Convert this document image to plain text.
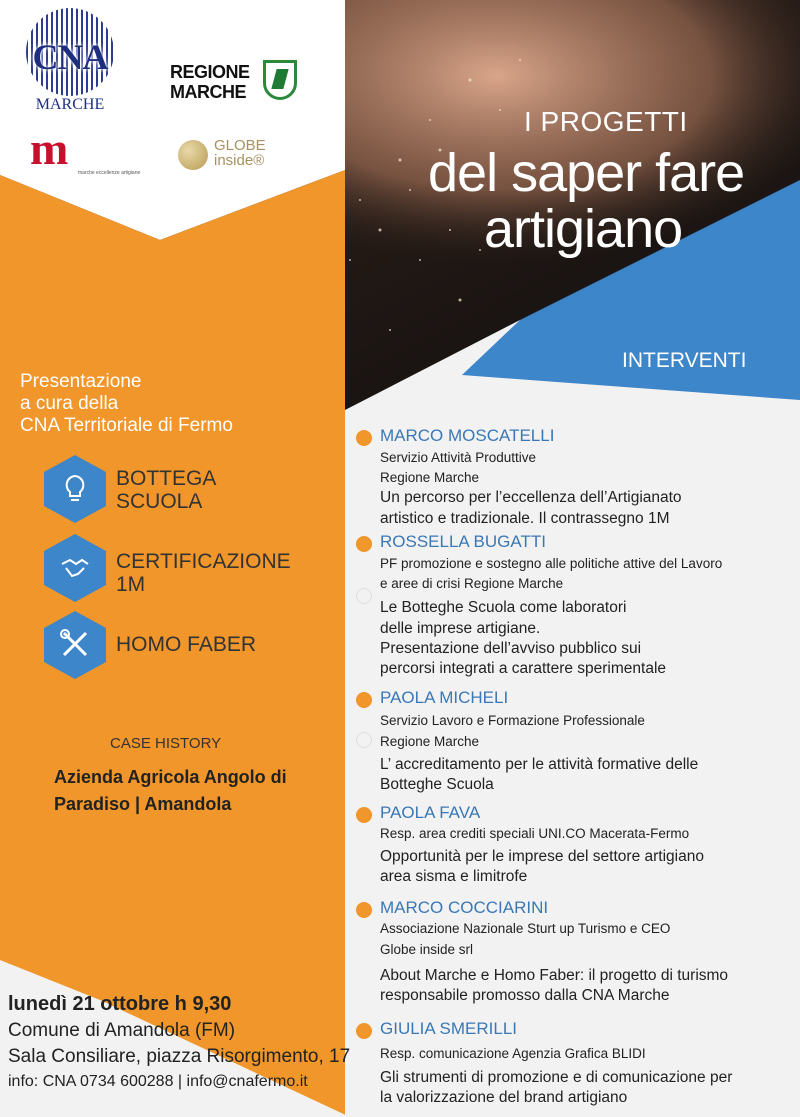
CNA
MARCHE
REGIONE
MARCHE
m	marche eccellenze artigiane
GLOBE
inside®
I PROGETTI
del saper fare
artigiano
INTERVENTI
Presentazione
a cura della
CNA Territoriale di Fermo
BOTTEGA
SCUOLA
CERTIFICAZIONE
1M
HOMO FABER
CASE HISTORY
Azienda Agricola Angolo di
Paradiso | Amandola
lunedì 21 ottobre h 9,30
Comune di Amandola (FM)
Sala Consiliare, piazza Risorgimento, 17
info: CNA 0734 600288 | info@cnafermo.it
MARCO MOSCATELLI
Servizio Attività Produttive
Regione Marche
Un percorso per l’eccellenza dell’Artigianato
artistico e tradizionale. Il contrassegno 1M
ROSSELLA BUGATTI
PF promozione e sostegno alle politiche attive del Lavoro
e aree di crisi Regione Marche
Le Botteghe Scuola come laboratori
delle imprese artigiane.
Presentazione dell’avviso pubblico sui
percorsi integrati a carattere sperimentale
PAOLA MICHELI
Servizio Lavoro e Formazione Professionale
Regione Marche
L’ accreditamento per le attività formative delle
Botteghe Scuola
PAOLA FAVA
Resp. area crediti speciali UNI.CO Macerata-Fermo
Opportunità per le imprese del settore artigiano
area sisma e limitrofe
MARCO COCCIARINI
Associazione Nazionale Sturt up Turismo e CEO
Globe inside srl
About Marche e Homo Faber: il progetto di turismo
responsabile promosso dalla CNA Marche
GIULIA SMERILLI
Resp. comunicazione Agenzia Grafica BLIDI
Gli strumenti di promozione e di comunicazione per
la valorizzazione del brand artigiano
